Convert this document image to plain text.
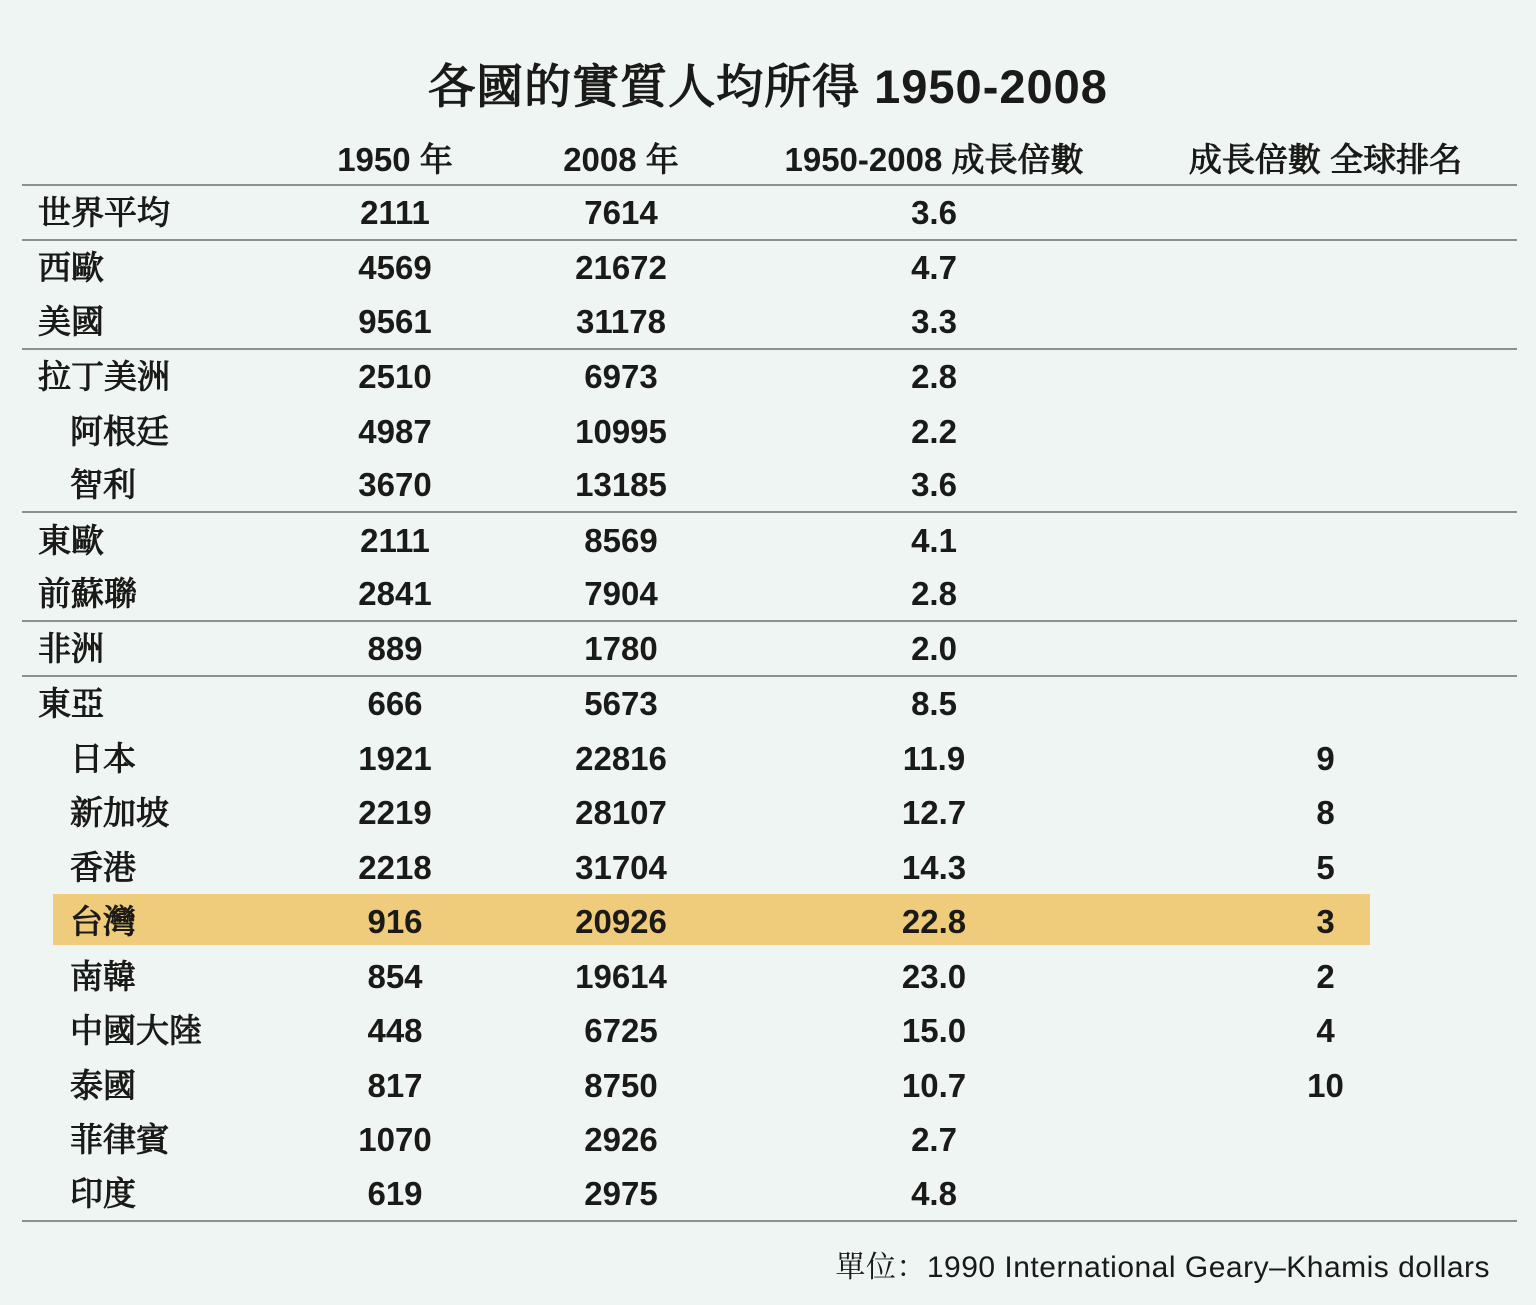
各國的實質人均所得 1950-2008
1950 年	2008 年	1950-2008 成長倍數	成長倍數 全球排名
世界平均	2111	7614	3.6
西歐	4569	21672	4.7
美國	9561	31178	3.3
拉丁美洲	2510	6973	2.8
阿根廷	4987	10995	2.2
智利	3670	13185	3.6
東歐	2111	8569	4.1
前蘇聯	2841	7904	2.8
非洲	889	1780	2.0
東亞	666	5673	8.5
日本	1921	22816	11.9	9
新加坡	2219	28107	12.7	8
香港	2218	31704	14.3	5
台灣	916	20926	22.8	3
南韓	854	19614	23.0	2
中國大陸	448	6725	15.0	4
泰國	817	8750	10.7	10
菲律賓	1070	2926	2.7
印度	619	2975	4.8
單位：1990 International Geary–Khamis dollars
